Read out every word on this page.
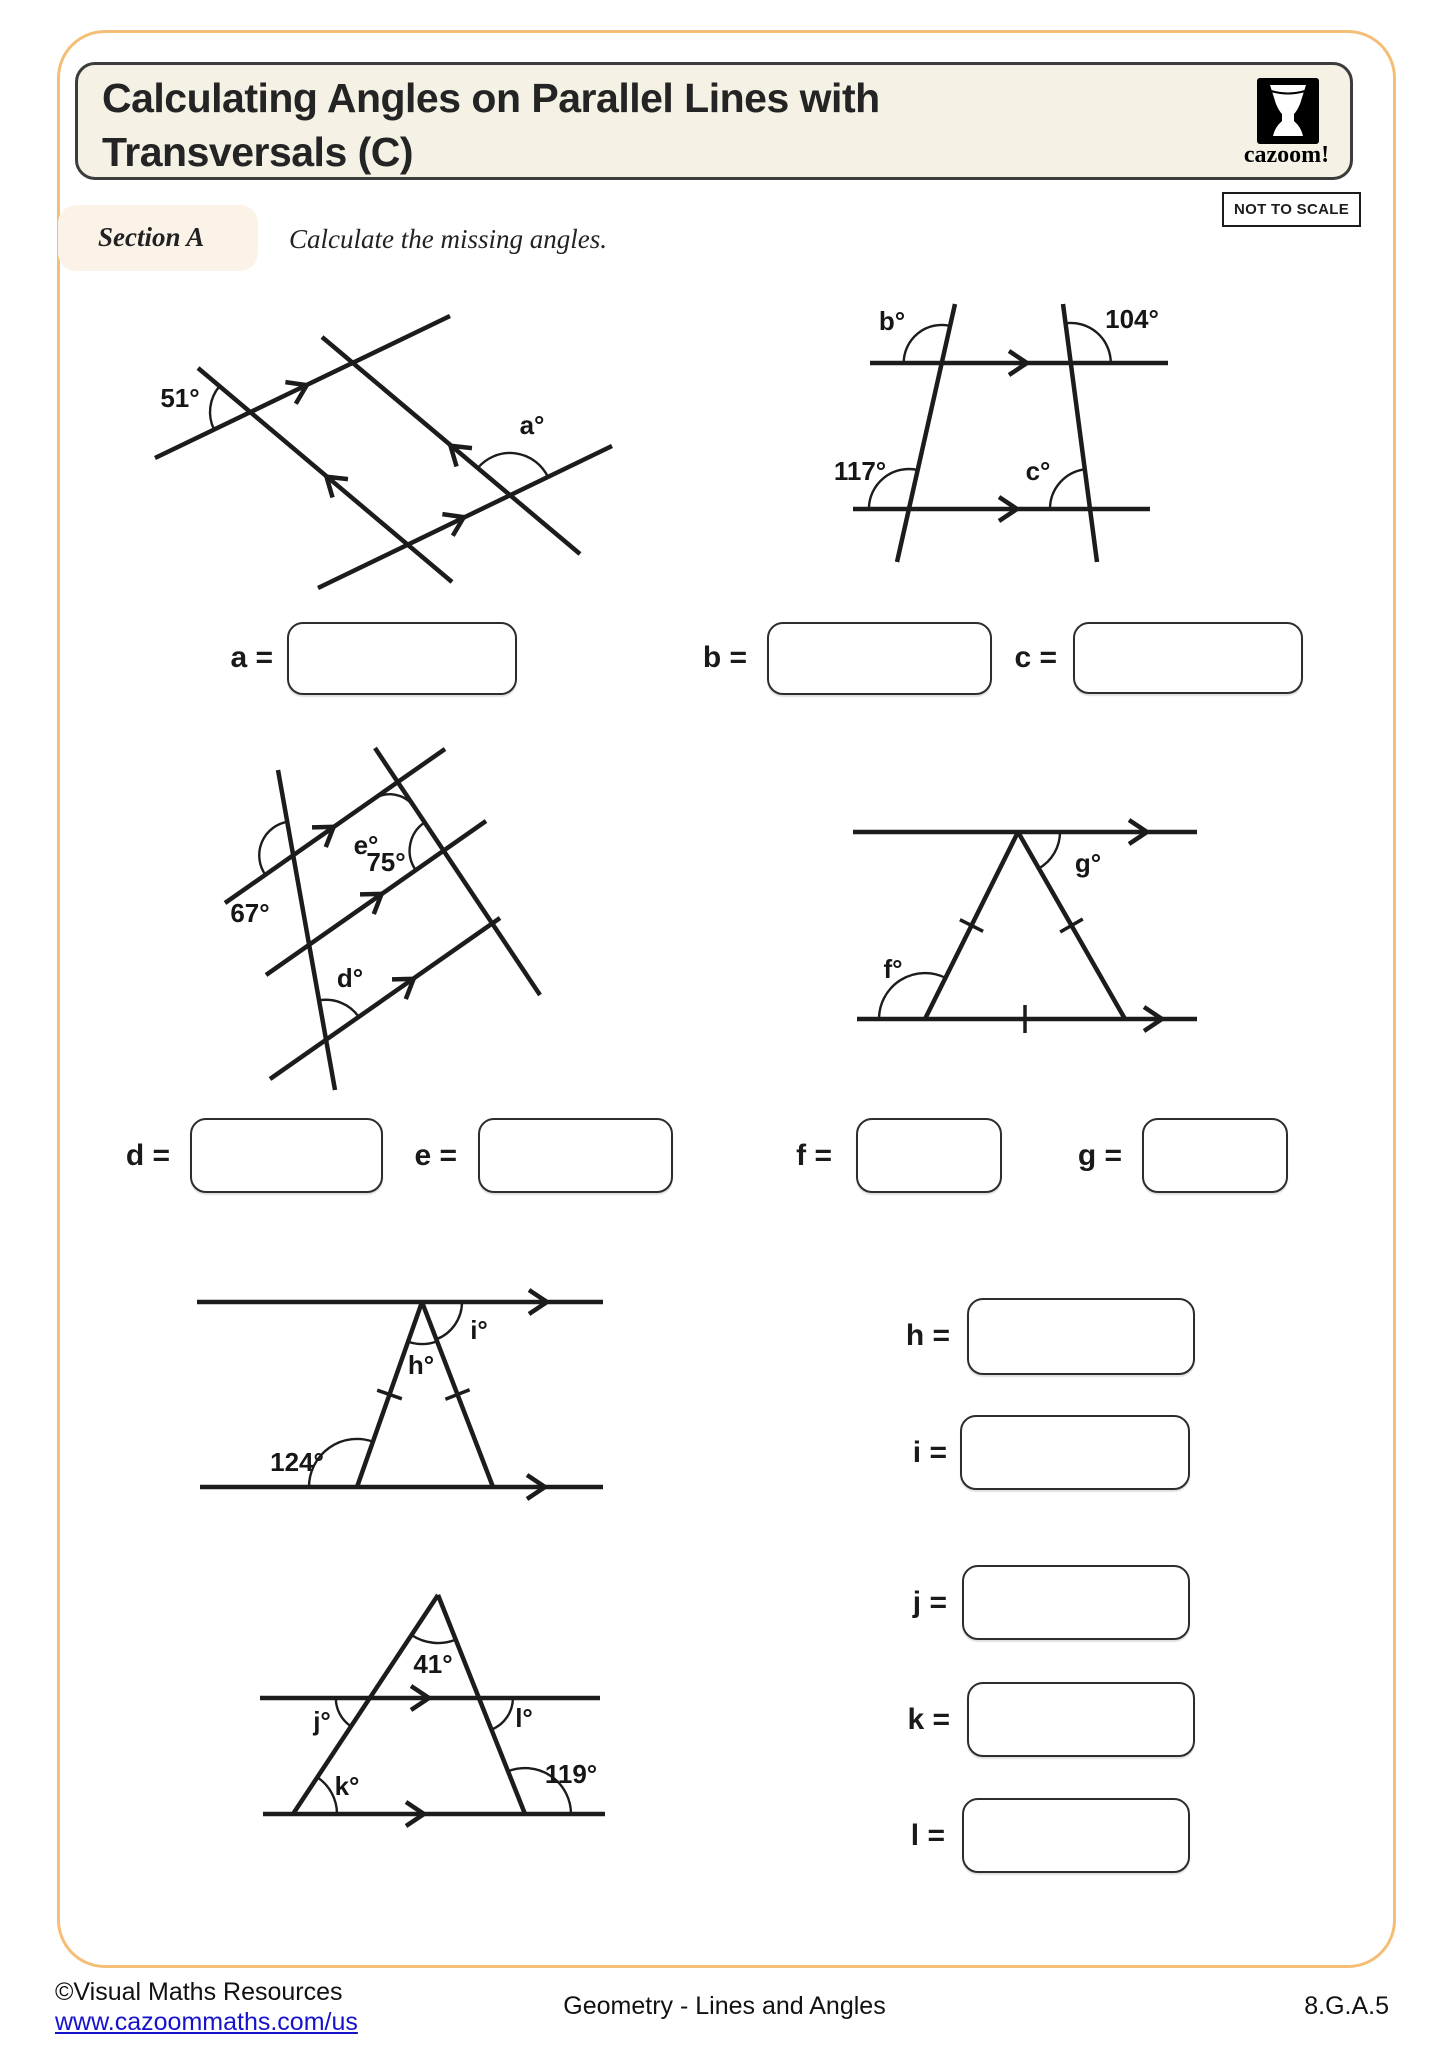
Calculating Angles on Parallel Lines with
Transversals (C)	cazoom!
NOT TO SCALE
Section A	Calculate the missing angles.
51°
a°
b°	104°
117°	c°
a =	b =	c =
67°
e°
75°
d°	f°
g°
d =	e =	f =	g =
h°
i°
124°
41°
j°	l°
k°	119°
h =
i =
j =
k =
l =
©Visual Maths Resources
www.cazoommaths.com/us
Geometry - Lines and Angles	8.G.A.5
